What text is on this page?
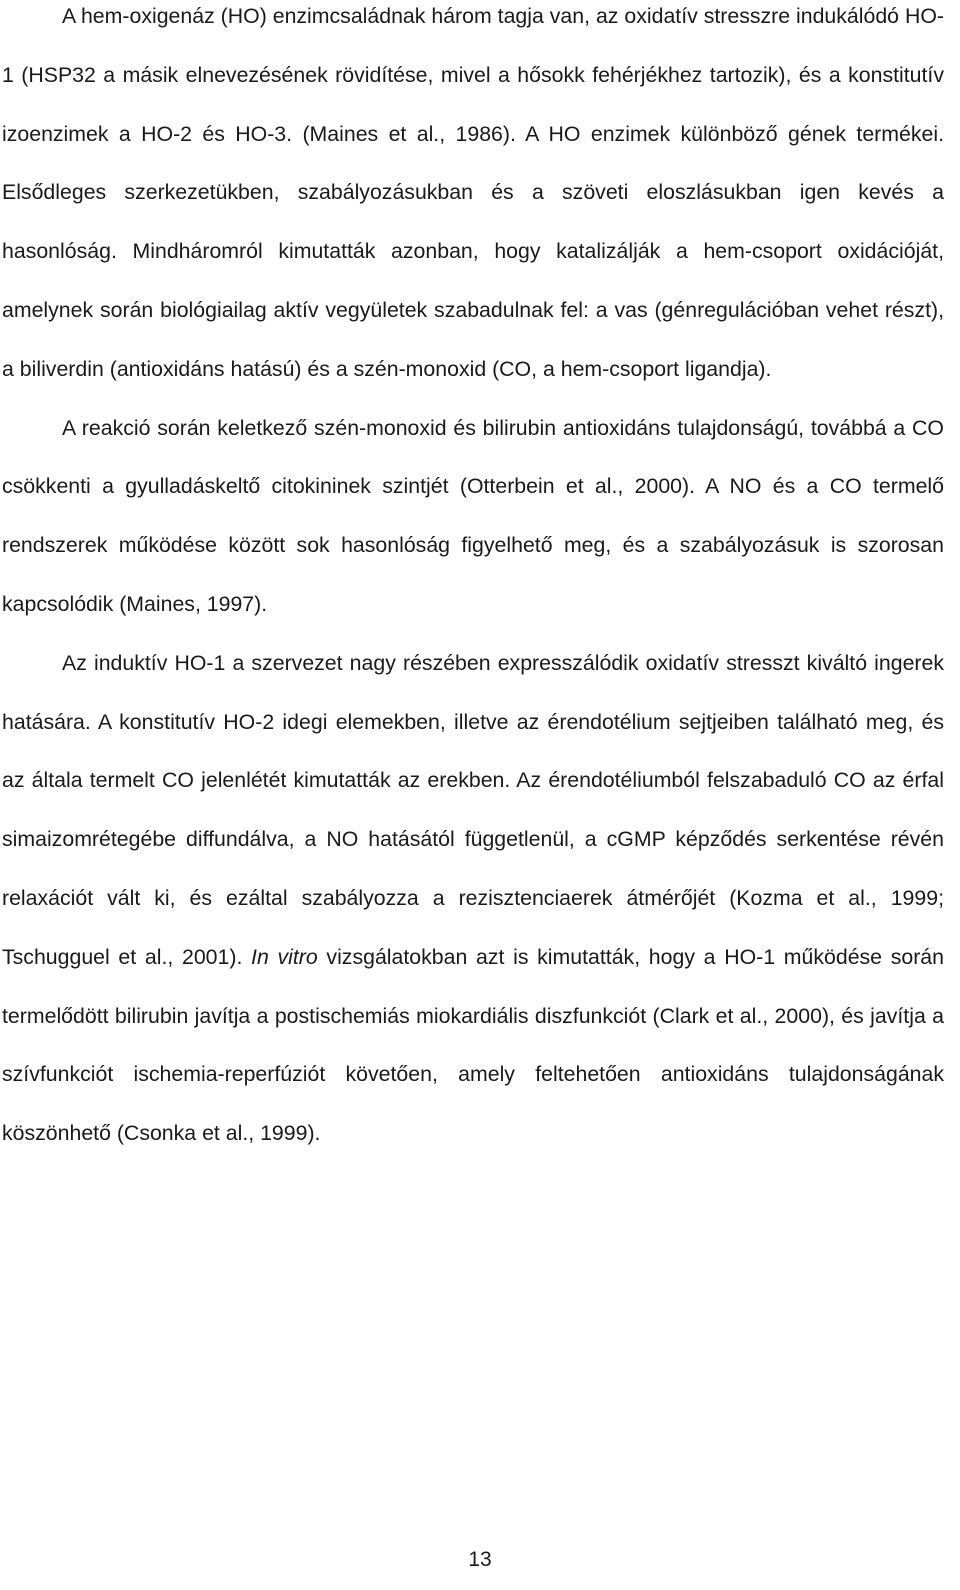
A hem-oxigenáz (HO) enzimcsaládnak három tagja van, az oxidatív stresszre indukálódó HO-1 (HSP32 a másik elnevezésének rövidítése, mivel a hősokk fehérjékhez tartozik), és a konstitutív izoenzimek a HO-2 és HO-3. (Maines et al., 1986). A HO enzimek különböző gének termékei. Elsődleges szerkezetükben, szabályozásukban és a szöveti eloszlásukban igen kevés a hasonlóság. Mindháromról kimutatták azonban, hogy katalizálják a hem-csoport oxidációját, amelynek során biológiailag aktív vegyületek szabadulnak fel: a vas (génregulációban vehet részt), a biliverdin (antioxidáns hatású) és a szén-monoxid (CO, a hem-csoport ligandja).

A reakció során keletkező szén-monoxid és bilirubin antioxidáns tulajdonságú, továbbá a CO csökkenti a gyulladáskeltő citokininek szintjét (Otterbein et al., 2000). A NO és a CO termelő rendszerek működése között sok hasonlóság figyelhető meg, és a szabályozásuk is szorosan kapcsolódik (Maines, 1997).

Az induktív HO-1 a szervezet nagy részében expresszálódik oxidatív stresszt kiváltó ingerek hatására. A konstitutív HO-2 idegi elemekben, illetve az érendotélium sejtjeiben található meg, és az általa termelt CO jelenlétét kimutatták az erekben. Az érendotéliumból felszabaduló CO az érfal simaizomrétegébe diffundálva, a NO hatásától függetlenül, a cGMP képződés serkentése révén relaxációt vált ki, és ezáltal szabályozza a rezisztenciaerek átmérőjét (Kozma et al., 1999; Tschugguel et al., 2001). In vitro vizsgálatokban azt is kimutatták, hogy a HO-1 működése során termelődött bilirubin javítja a postischemiás miokardiális diszfunkciót (Clark et al., 2000), és javítja a szívfunkciót ischemia-reperfúziót követően, amely feltehetően antioxidáns tulajdonságának köszönhető (Csonka et al., 1999).

13
